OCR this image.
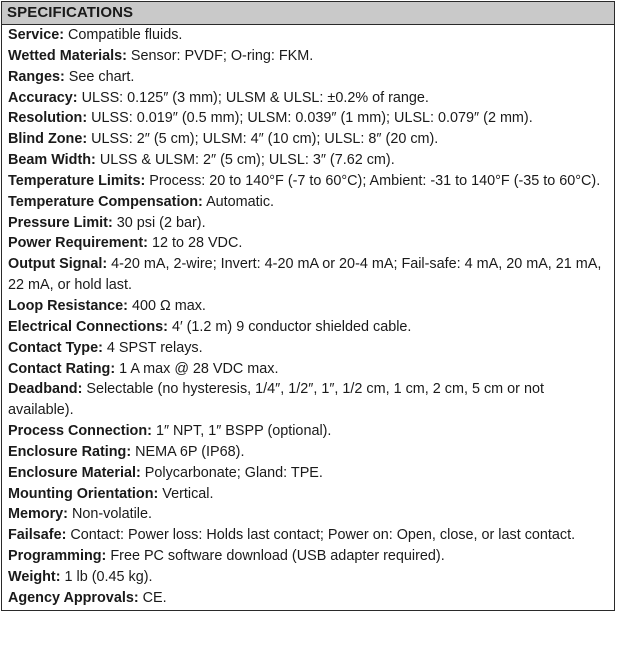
SPECIFICATIONS
Service: Compatible fluids.
Wetted Materials: Sensor: PVDF; O-ring: FKM.
Ranges: See chart.
Accuracy: ULSS: 0.125″ (3 mm); ULSM & ULSL: ±0.2% of range.
Resolution: ULSS: 0.019″ (0.5 mm); ULSM: 0.039″ (1 mm); ULSL: 0.079″ (2 mm).
Blind Zone: ULSS: 2″ (5 cm); ULSM: 4″ (10 cm); ULSL: 8″ (20 cm).
Beam Width: ULSS & ULSM: 2″ (5 cm); ULSL: 3″ (7.62 cm).
Temperature Limits: Process: 20 to 140°F (-7 to 60°C); Ambient: -31 to 140°F (-35 to 60°C).
Temperature Compensation: Automatic.
Pressure Limit: 30 psi (2 bar).
Power Requirement: 12 to 28 VDC.
Output Signal: 4-20 mA, 2-wire; Invert: 4-20 mA or 20-4 mA; Fail-safe: 4 mA, 20 mA, 21 mA, 22 mA, or hold last.
Loop Resistance: 400 Ω max.
Electrical Connections: 4′ (1.2 m) 9 conductor shielded cable.
Contact Type: 4 SPST relays.
Contact Rating: 1 A max @ 28 VDC max.
Deadband: Selectable (no hysteresis, 1/4″, 1/2″, 1″, 1/2 cm, 1 cm, 2 cm, 5 cm or not available).
Process Connection: 1″ NPT, 1″ BSPP (optional).
Enclosure Rating: NEMA 6P (IP68).
Enclosure Material: Polycarbonate; Gland: TPE.
Mounting Orientation: Vertical.
Memory: Non-volatile.
Failsafe: Contact: Power loss: Holds last contact; Power on: Open, close, or last contact.
Programming: Free PC software download (USB adapter required).
Weight: 1 lb (0.45 kg).
Agency Approvals: CE.
